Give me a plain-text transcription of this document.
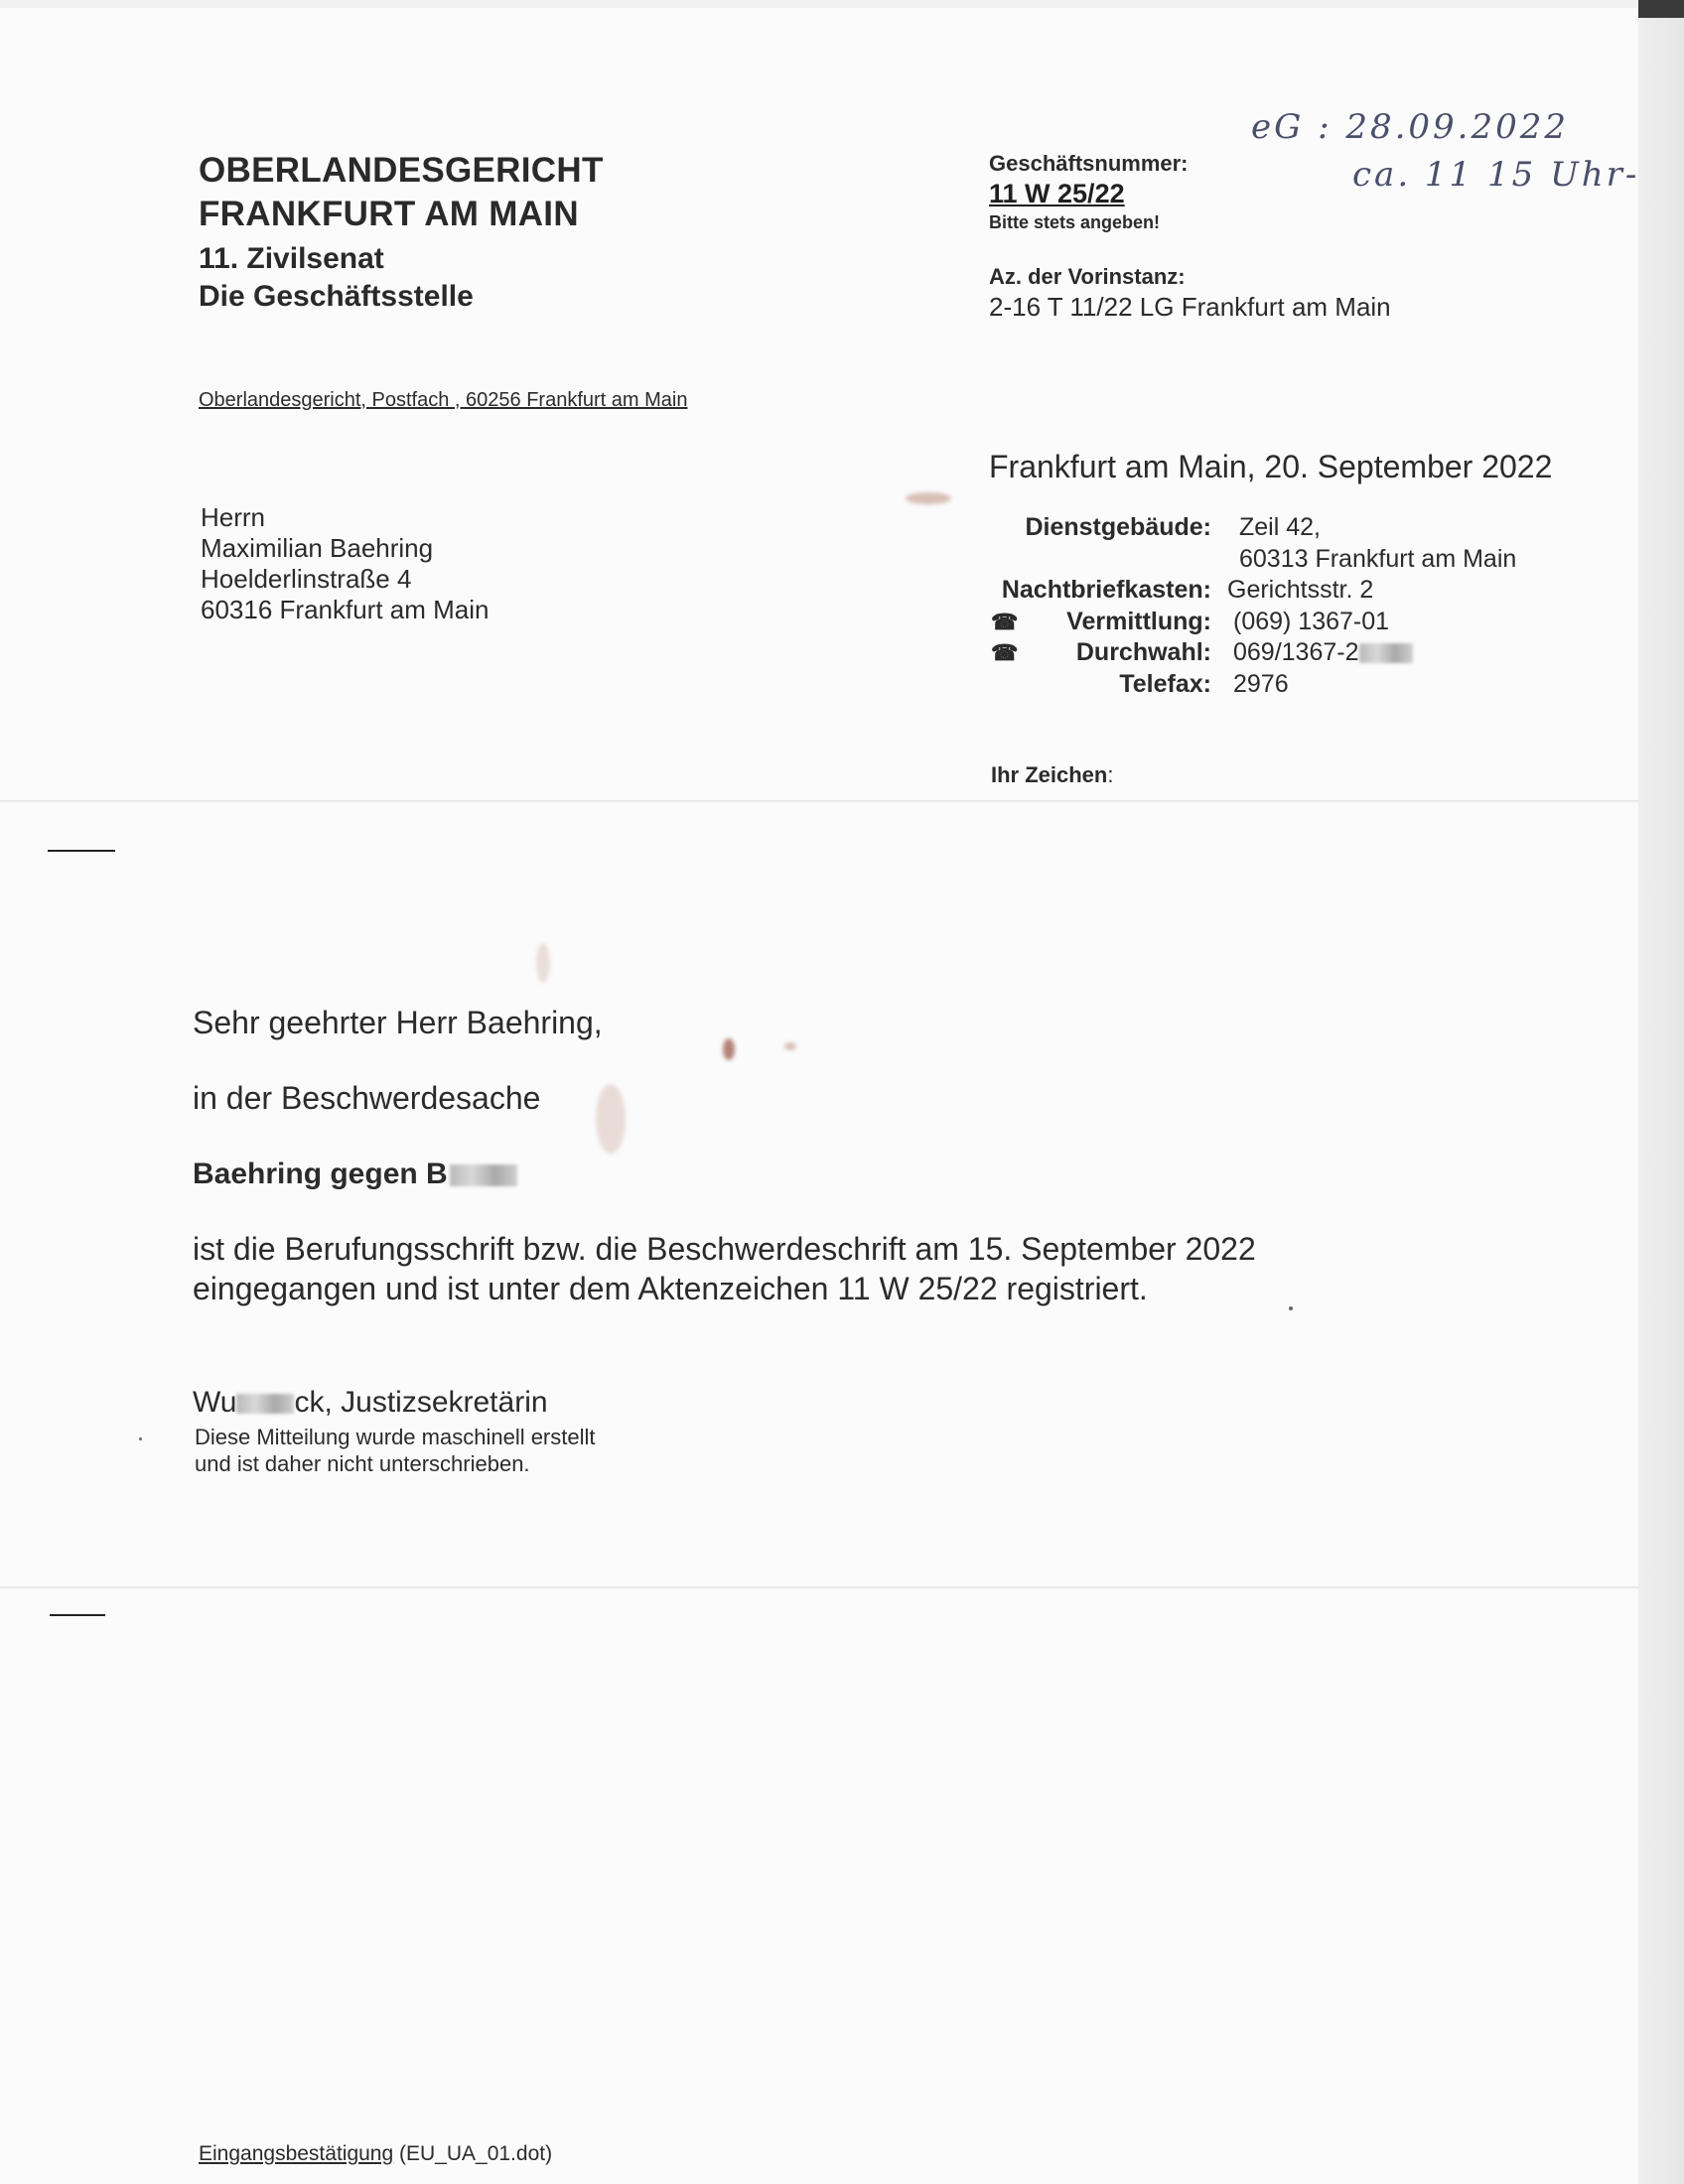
OBERLANDESGERICHT
FRANKFURT AM MAIN
11. Zivilsenat
Die Geschäftsstelle
Oberlandesgericht, Postfach , 60256 Frankfurt am Main
Herrn
Maximilian Baehring
Hoelderlinstraße 4
60316 Frankfurt am Main
Geschäftsnummer:
11 W 25/22
Bitte stets angeben!
Az. der Vorinstanz:
2-16 T 11/22 LG Frankfurt am Main
eG : 28.09.2022
ca. 11 15 Uhr-
Frankfurt am Main, 20. September 2022
Dienstgebäude:	Zeil 42,
60313 Frankfurt am Main
Nachtbriefkasten: Gerichtsstr. 2
☎ Vermittlung: (069) 1367-01
☎ Durchwahl: 069/1367-2
Telefax: 2976
Ihr Zeichen:
Sehr geehrter Herr Baehring,
in der Beschwerdesache
Baehring gegen B
ist die Berufungsschrift bzw. die Beschwerdeschrift am 15. September 2022
eingegangen und ist unter dem Aktenzeichen 11 W 25/22 registriert.
Wu ck, Justizsekretärin
Diese Mitteilung wurde maschinell erstellt
und ist daher nicht unterschrieben.
Eingangsbestätigung (EU_UA_01.dot)
